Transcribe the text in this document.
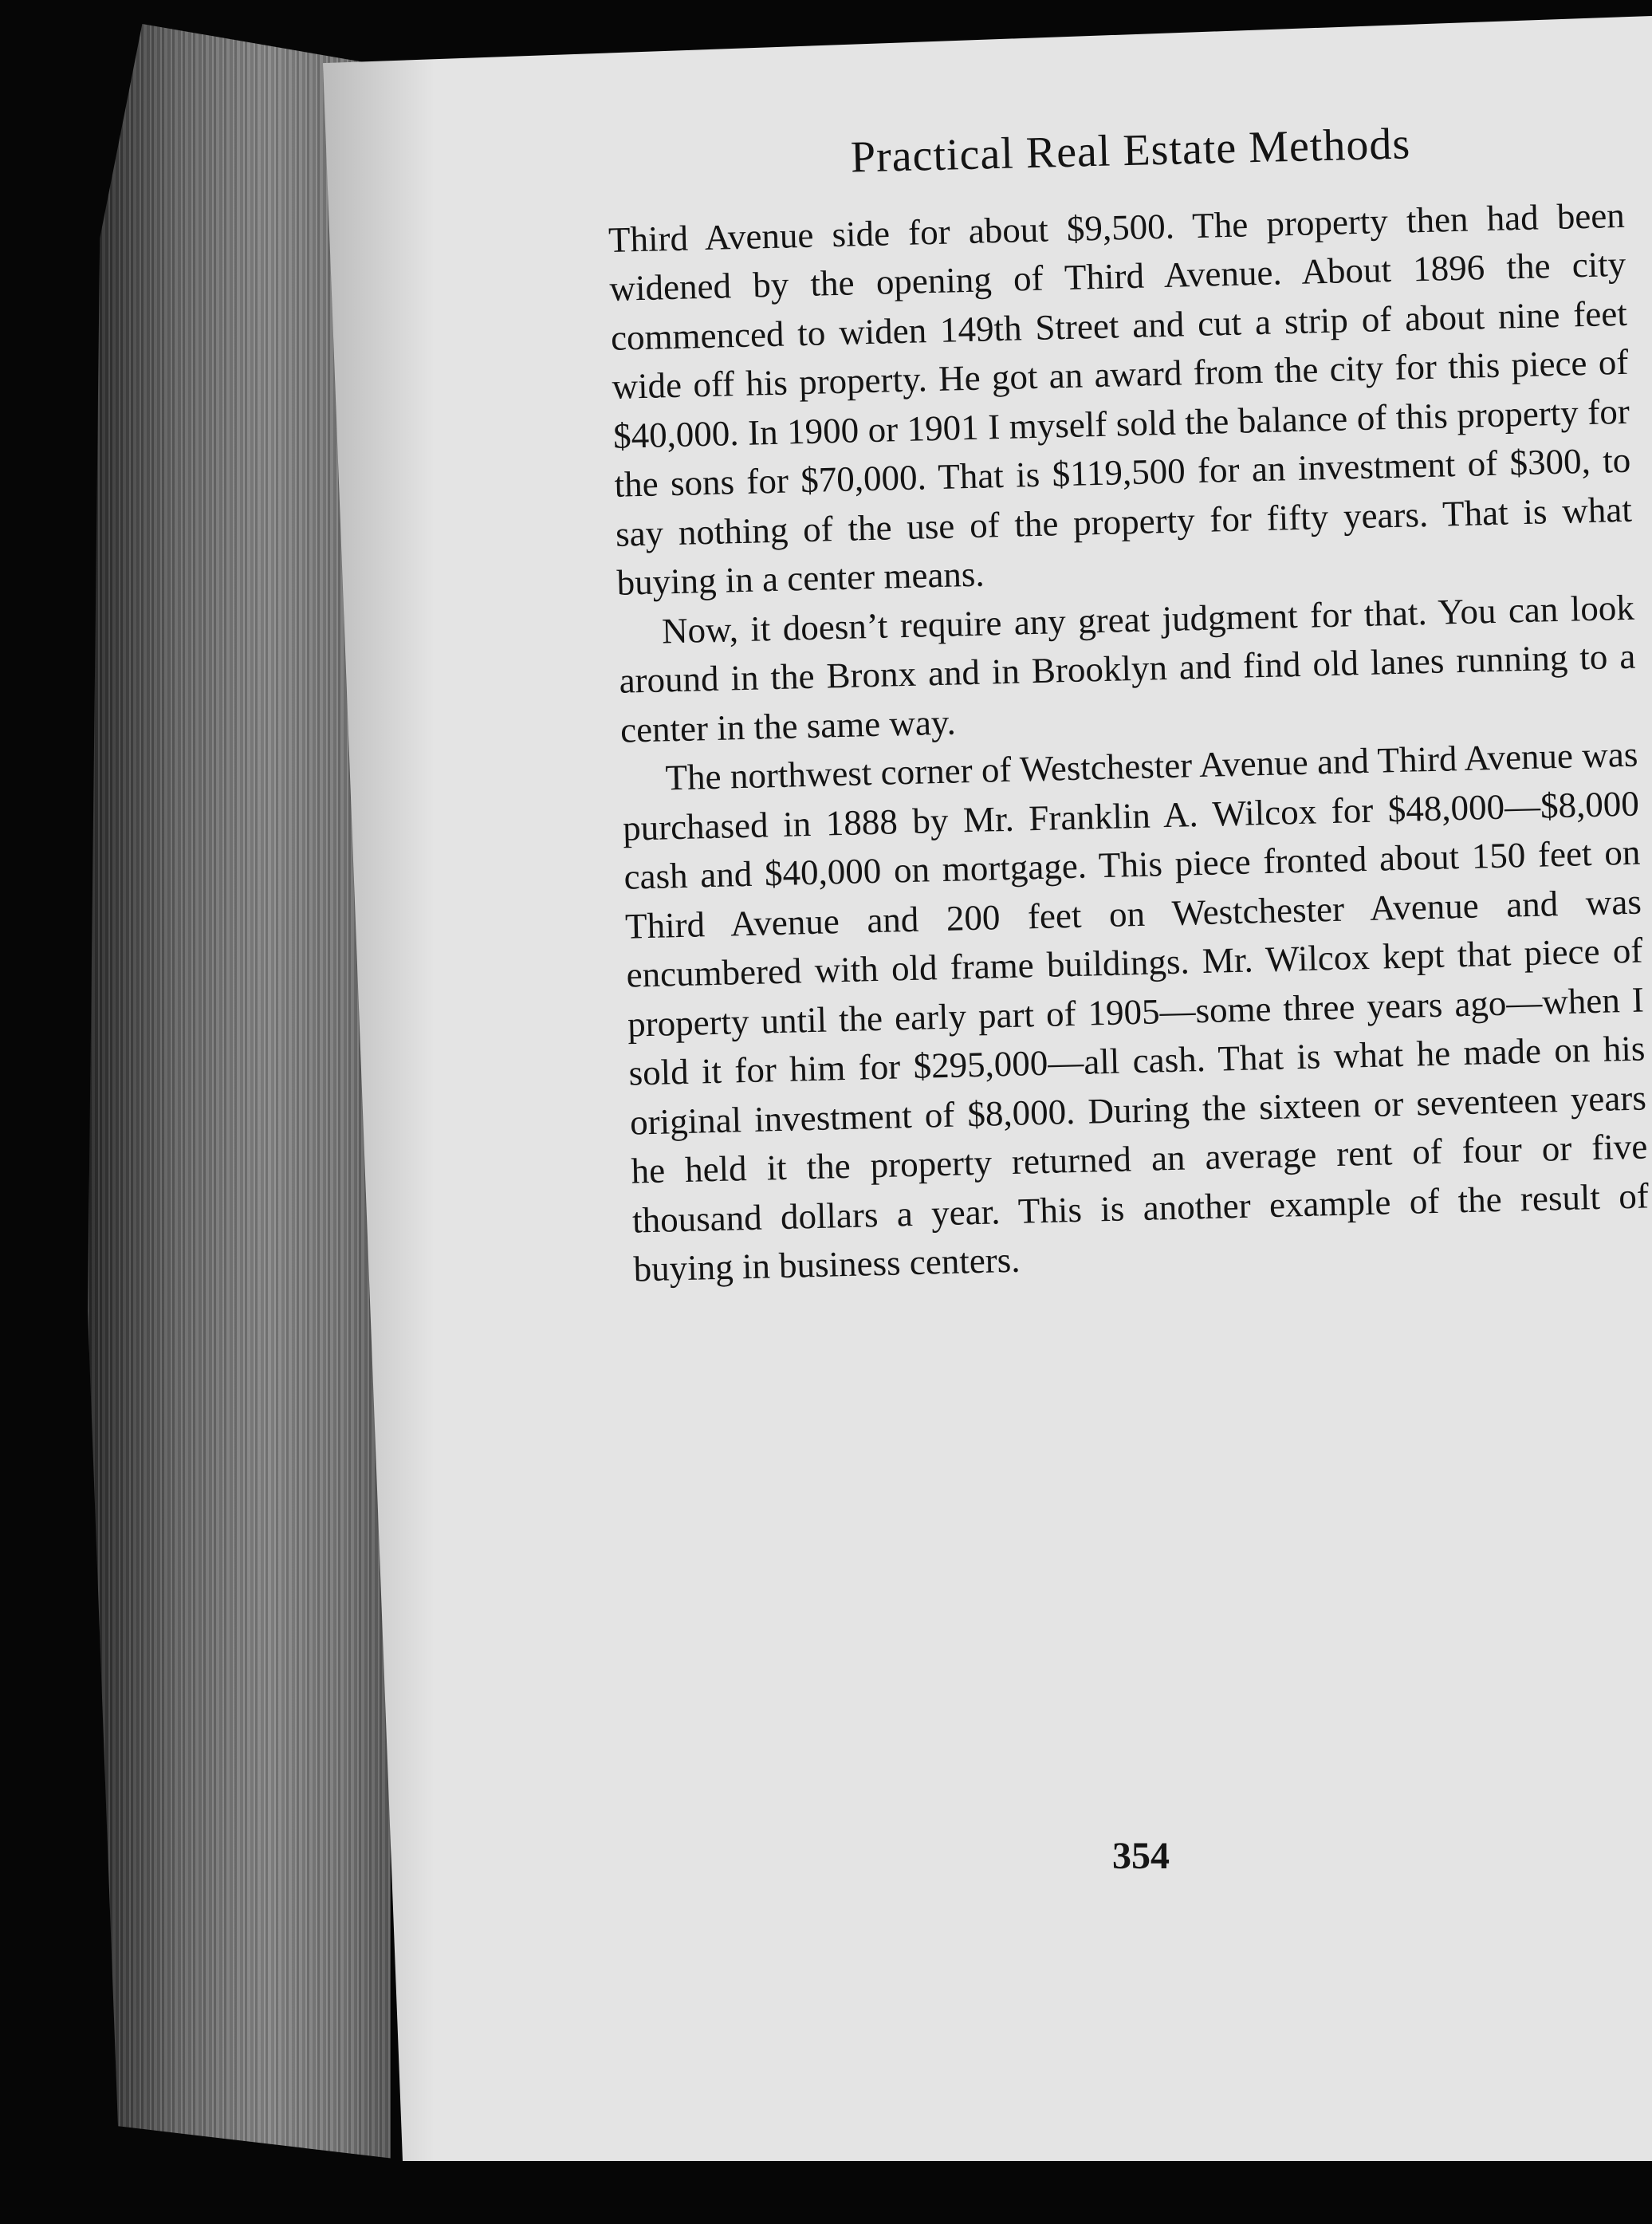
Practical Real Estate Methods

Third Avenue side for about $9,500. The property then had been widened by the opening of Third Avenue. About 1896 the city commenced to widen 149th Street and cut a strip of about nine feet wide off his property. He got an award from the city for this piece of $40,000. In 1900 or 1901 I myself sold the balance of this property for the sons for $70,000. That is $119,500 for an investment of $300, to say nothing of the use of the property for fifty years. That is what buying in a center means.

Now, it doesn’t require any great judgment for that. You can look around in the Bronx and in Brooklyn and find old lanes running to a center in the same way.

The northwest corner of Westchester Avenue and Third Avenue was purchased in 1888 by Mr. Franklin A. Wilcox for $48,000—$8,000 cash and $40,000 on mortgage. This piece fronted about 150 feet on Third Avenue and 200 feet on Westchester Avenue and was encumbered with old frame buildings. Mr. Wilcox kept that piece of property until the early part of 1905—some three years ago—when I sold it for him for $295,000—all cash. That is what he made on his original investment of $8,000. During the sixteen or seventeen years he held it the property returned an average rent of four or five thousand dollars a year. This is another example of the result of buying in business centers.

354
